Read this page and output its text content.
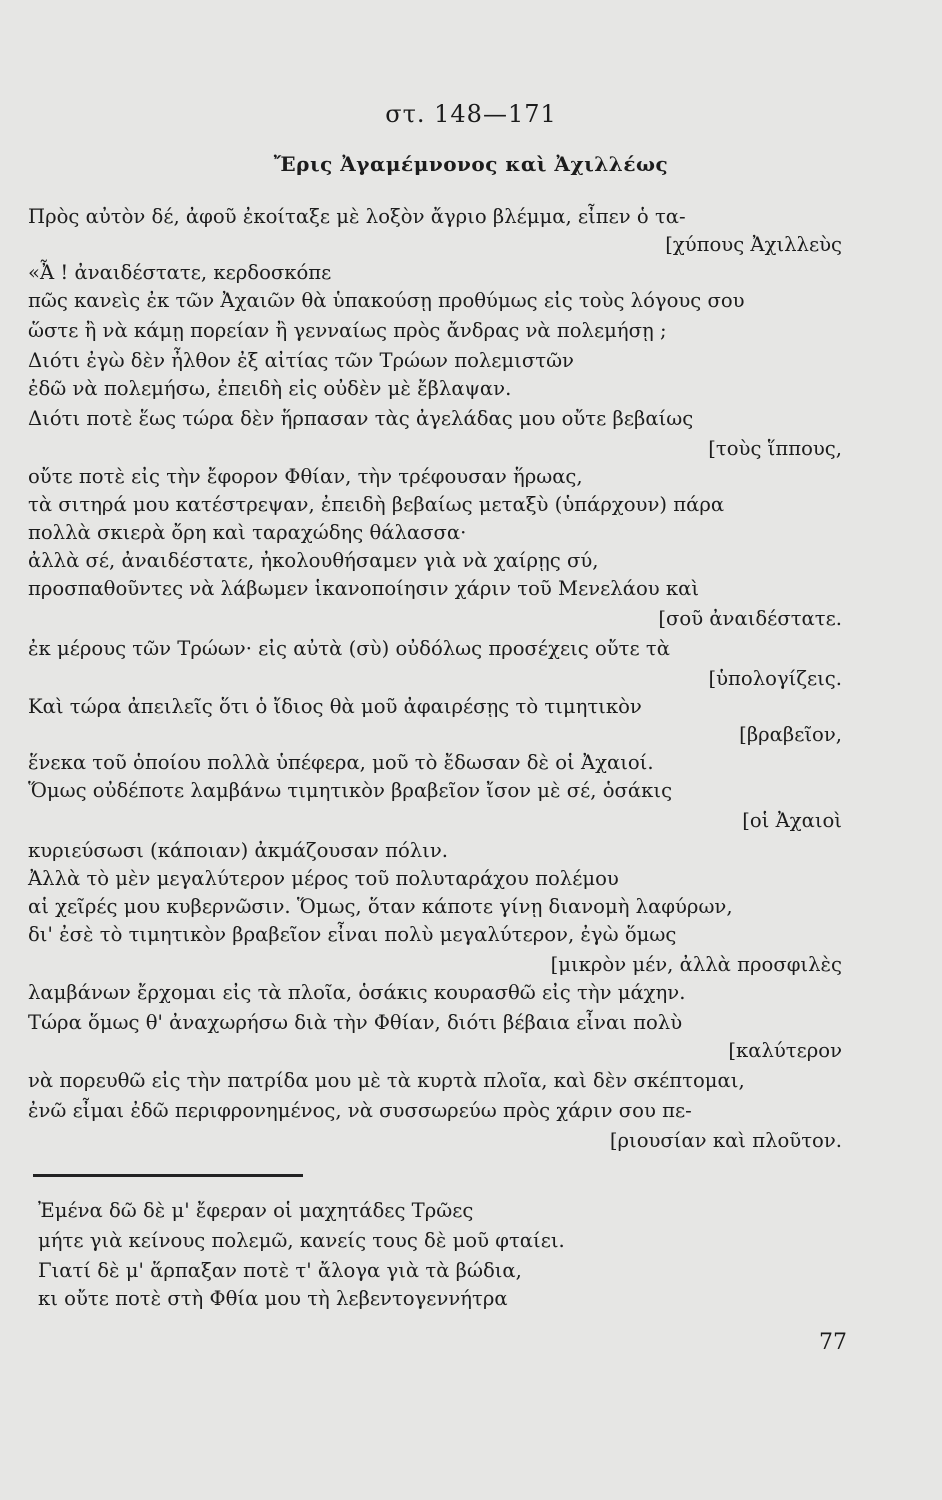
στ. 148—171
Ἔρις Ἀγαμέμνονος καὶ Ἀχιλλέως
Πρὸς αὐτὸν δέ, ἀφοῦ ἐκοίταξε μὲ λοξὸν ἄγριο βλέμμα, εἶπεν ὁ τα-
[χύπους Ἀχιλλεὺς
«Ἆ ! ἀναιδέστατε, κερδοσκόπε
πῶς κανεὶς ἐκ τῶν Ἀχαιῶν θὰ ὑπακούσῃ προθύμως εἰς τοὺς λόγους σου
ὥστε ἢ νὰ κάμῃ πορείαν ἢ γενναίως πρὸς ἄνδρας νὰ πολεμήσῃ ;
Διότι ἐγὼ δὲν ἦλθον ἐξ αἰτίας τῶν Τρώων πολεμιστῶν
ἐδῶ νὰ πολεμήσω, ἐπειδὴ εἰς οὐδὲν μὲ ἔβλαψαν.
Διότι ποτὲ ἕως τώρα δὲν ἥρπασαν τὰς ἀγελάδας μου οὔτε βεβαίως
[τοὺς ἵππους,
οὔτε ποτὲ εἰς τὴν ἔφορον Φθίαν, τὴν τρέφουσαν ἥρωας,
τὰ σιτηρά μου κατέστρεψαν, ἐπειδὴ βεβαίως μεταξὺ (ὑπάρχουν) πάρα
πολλὰ σκιερὰ ὄρη καὶ ταραχώδης θάλασσα·
ἀλλὰ σέ, ἀναιδέστατε, ἠκολουθήσαμεν γιὰ νὰ χαίρῃς σύ,
προσπαθοῦντες νὰ λάβωμεν ἱκανοποίησιν χάριν τοῦ Μενελάου καὶ
[σοῦ ἀναιδέστατε.
ἐκ μέρους τῶν Τρώων· εἰς αὐτὰ (σὺ) οὐδόλως προσέχεις οὔτε τὰ
[ὑπολογίζεις.
Καὶ τώρα ἀπειλεῖς ὅτι ὁ ἴδιος θὰ μοῦ ἀφαιρέσῃς τὸ τιμητικὸν
[βραβεῖον,
ἕνεκα τοῦ ὁποίου πολλὰ ὑπέφερα, μοῦ τὸ ἔδωσαν δὲ οἱ Ἀχαιοί.
Ὅμως οὐδέποτε λαμβάνω τιμητικὸν βραβεῖον ἴσον μὲ σέ, ὁσάκις
[οἱ Ἀχαιοὶ
κυριεύσωσι (κάποιαν) ἀκμάζουσαν πόλιν.
Ἀλλὰ τὸ μὲν μεγαλύτερον μέρος τοῦ πολυταράχου πολέμου
αἱ χεῖρές μου κυβερνῶσιν. Ὅμως, ὅταν κάποτε γίνῃ διανομὴ λαφύρων,
δι' ἐσὲ τὸ τιμητικὸν βραβεῖον εἶναι πολὺ μεγαλύτερον, ἐγὼ ὅμως
[μικρὸν μέν, ἀλλὰ προσφιλὲς
λαμβάνων ἔρχομαι εἰς τὰ πλοῖα, ὁσάκις κουρασθῶ εἰς τὴν μάχην.
Τώρα ὅμως θ' ἀναχωρήσω διὰ τὴν Φθίαν, διότι βέβαια εἶναι πολὺ
[καλύτερον
νὰ πορευθῶ εἰς τὴν πατρίδα μου μὲ τὰ κυρτὰ πλοῖα, καὶ δὲν σκέπτομαι,
ἐνῶ εἶμαι ἐδῶ περιφρονημένος, νὰ συσσωρεύω πρὸς χάριν σου πε-
[ριουσίαν καὶ πλοῦτον.
Ἐμένα δῶ δὲ μ' ἔφεραν οἱ μαχητάδες Τρῶες
μήτε γιὰ κείνους πολεμῶ, κανείς τους δὲ μοῦ φταίει.
Γιατί δὲ μ' ἅρπαξαν ποτὲ τ' ἄλογα γιὰ τὰ βώδια,
κι οὔτε ποτὲ στὴ Φθία μου τὴ λεβεντογεννήτρα
77
